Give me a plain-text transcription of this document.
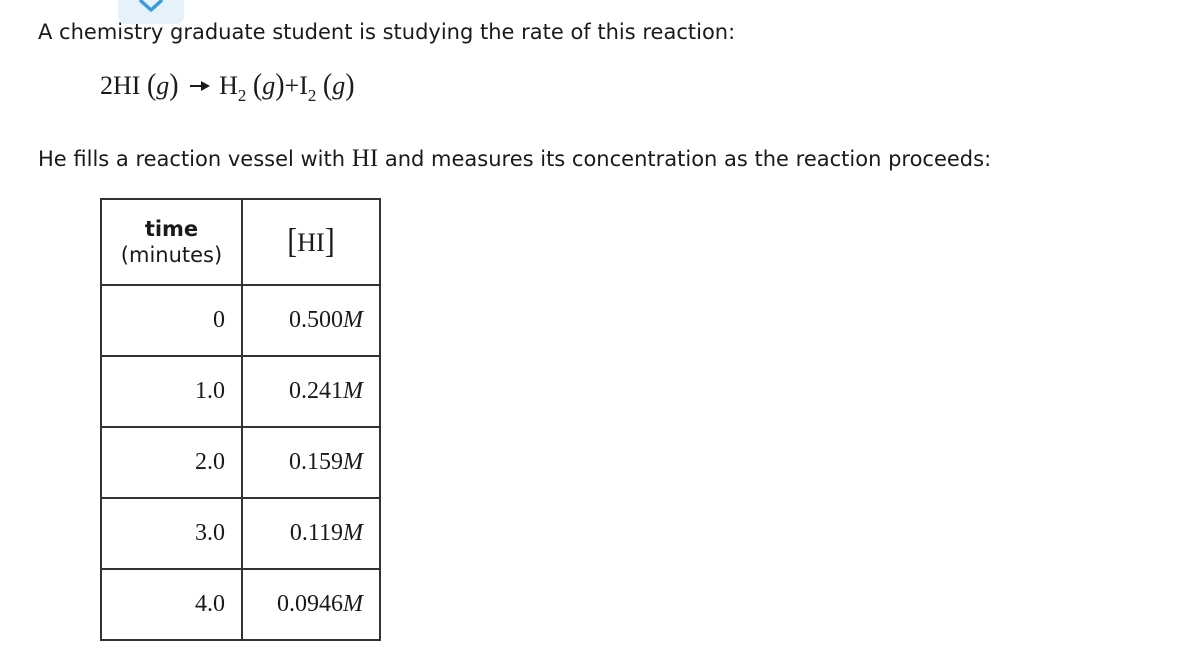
A chemistry graduate student is studying the rate of this reaction:
2HI $(g) \to H_2$ $(g)+I_2$ (g)
He fills a reaction vessel with HI and measures its concentration as the reaction proceeds:
time
(minutes)	[HI]
0	0.500M
1.0	0.241M
2.0	0.159M
3.0	0.119M
4.0	0.0946M
